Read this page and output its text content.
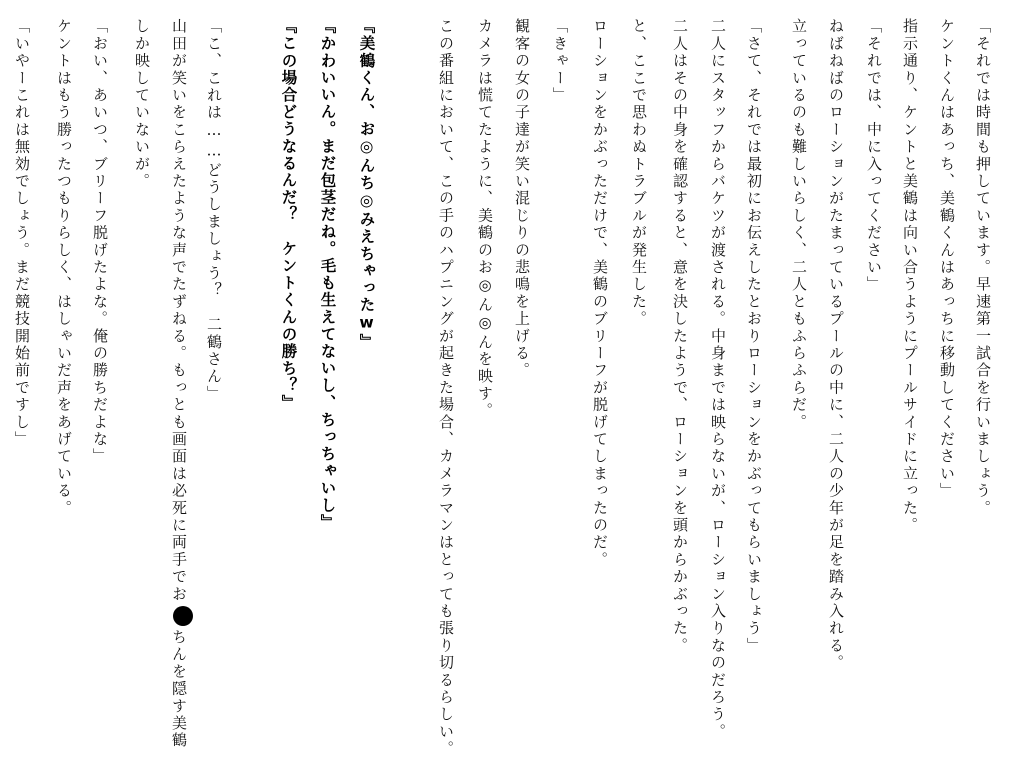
「それでは時間も押しています。早速第一試合を行いましょう。
ケントくんはあっち、美鶴くんはあっちに移動してください」
指示通り、ケントと美鶴は向い合うようにプールサイドに立った。
「それでは、中に入ってください」
ねばねばのローションがたまっているプールの中に、二人の少年が足を踏み入れる。
立っているのも難しいらしく、二人ともふらふらだ。
「さて、それでは最初にお伝えしたとおりローションをかぶってもらいましょう」
二人にスタッフからバケツが渡される。中身までは映らないが、ローション入りなのだろう。
二人はその中身を確認すると、意を決したようで、ローションを頭からかぶった。
と、ここで思わぬトラブルが発生した。
ローションをかぶっただけで、美鶴のブリーフが脱げてしまったのだ。
「きゃー」
観客の女の子達が笑い混じりの悲鳴を上げる。
カメラは慌てたように、美鶴のお◎ん◎んを映す。
この番組において、この手のハプニングが起きた場合、カメラマンはとっても張り切るらしい。
『美鶴くん、お◎んち◎みえちゃったw』
『かわいいん。まだ包茎だね。毛も生えてないし、ちっちゃいし』
『この場合どうなるんだ？　ケントくんの勝ち？』
「こ、これは……どうしましょう？　二鶴さん」
山田が笑いをこらえたような声でたずねる。もっとも画面は必死に両手でおちんを隠す美鶴
しか映していないが。
「おい、あいつ、ブリーフ脱げたよな。俺の勝ちだよな」
ケントはもう勝ったつもりらしく、はしゃいだ声をあげている。
「いやーこれは無効でしょう。まだ競技開始前ですし」
